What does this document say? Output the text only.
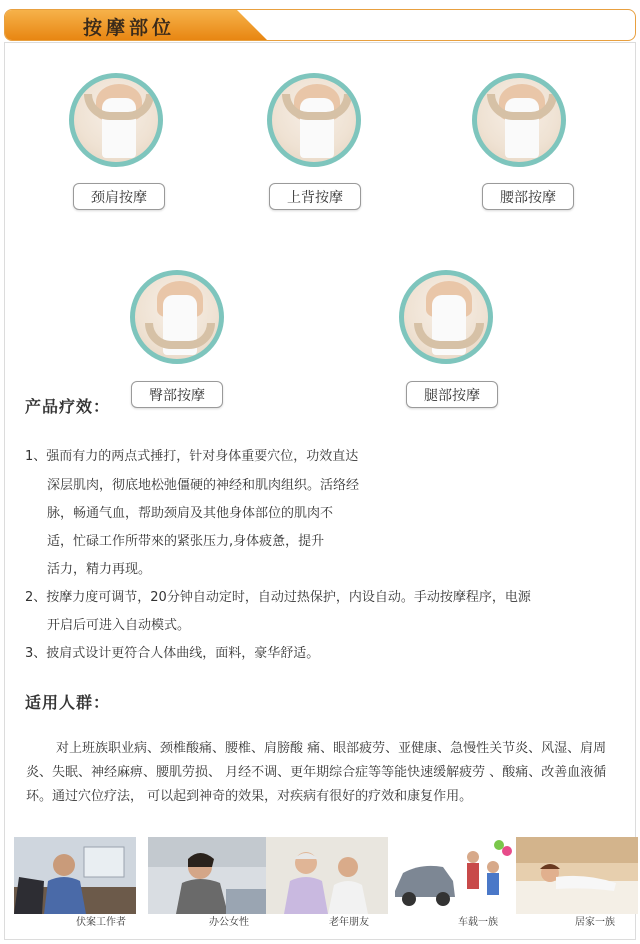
按摩部位
颈肩按摩	上背按摩	腰部按摩
臀部按摩	腿部按摩
产品疗效：
1、强而有力的两点式捶打，针对身体重要穴位，功效直达
深层肌肉，彻底地松弛僵硬的神经和肌肉组织。活络经
脉，畅通气血，帮助颈肩及其他身体部位的肌肉不
适，忙碌工作所带來的紧张压力,身体疲惫，提升
活力，精力再现。
2、按摩力度可调节，20分钟自动定时，自动过热保护，内设自动。手动按摩程序，电源
开启后可进入自动模式。
3、披肩式设计更符合人体曲线，面料，豪华舒适。
适用人群：
对上班族职业病、颈椎酸痛、腰椎、肩膀酸 痛、眼部疲劳、亚健康、急慢性关节炎、风湿、肩周炎、失眠、神经麻痹、腰肌劳损、 月经不调、更年期综合症等等能快速缓解疲劳 、酸痛、改善血液循环。通过穴位疗法， 可以起到神奇的效果，对疾病有很好的疗效和康复作用。
伏案工作者	办公女性	老年朋友	车载一族	居家一族
